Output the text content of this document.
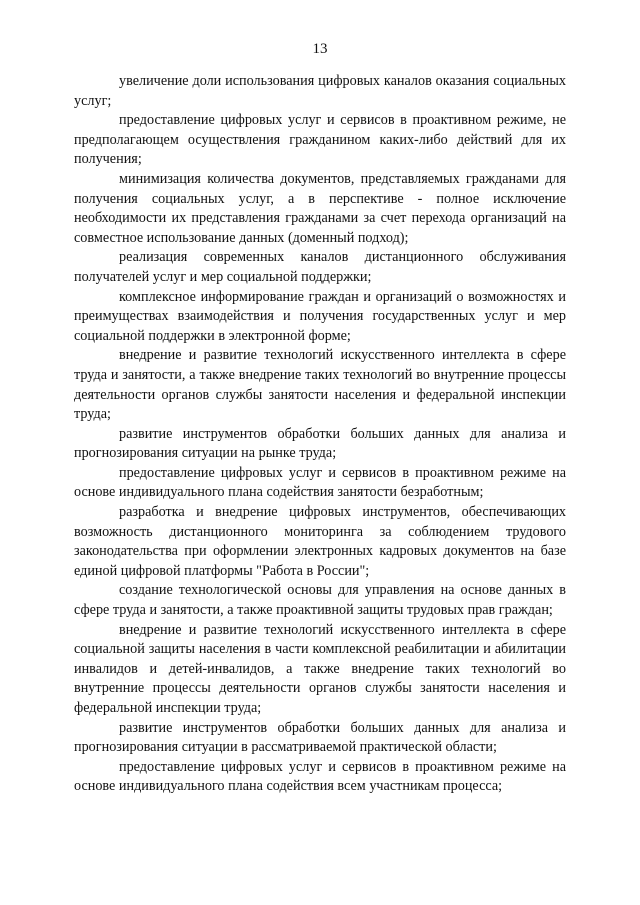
13

увеличение доли использования цифровых каналов оказания социальных услуг;

предоставление цифровых услуг и сервисов в проактивном режиме, не предполагающем осуществления гражданином каких-либо действий для их получения;

минимизация количества документов, представляемых гражданами для получения социальных услуг, а в перспективе - полное исключение необходимости их представления гражданами за счет перехода организаций на совместное использование данных (доменный подход);

реализация современных каналов дистанционного обслуживания получателей услуг и мер социальной поддержки;

комплексное информирование граждан и организаций о возможностях и преимуществах взаимодействия и получения государственных услуг и мер социальной поддержки в электронной форме;

внедрение и развитие технологий искусственного интеллекта в сфере труда и занятости, а также внедрение таких технологий во внутренние процессы деятельности органов службы занятости населения и федеральной инспекции труда;

развитие инструментов обработки больших данных для анализа и прогнозирования ситуации на рынке труда;

предоставление цифровых услуг и сервисов в проактивном режиме на основе индивидуального плана содействия занятости безработным;

разработка и внедрение цифровых инструментов, обеспечивающих возможность дистанционного мониторинга за соблюдением трудового законодательства при оформлении электронных кадровых документов на базе единой цифровой платформы "Работа в России";

создание технологической основы для управления на основе данных в сфере труда и занятости, а также проактивной защиты трудовых прав граждан;

внедрение и развитие технологий искусственного интеллекта в сфере социальной защиты населения в части комплексной реабилитации и абилитации инвалидов и детей-инвалидов, а также внедрение таких технологий во внутренние процессы деятельности органов службы занятости населения и федеральной инспекции труда;

развитие инструментов обработки больших данных для анализа и прогнозирования ситуации в рассматриваемой практической области;

предоставление цифровых услуг и сервисов в проактивном режиме на основе индивидуального плана содействия всем участникам процесса;
